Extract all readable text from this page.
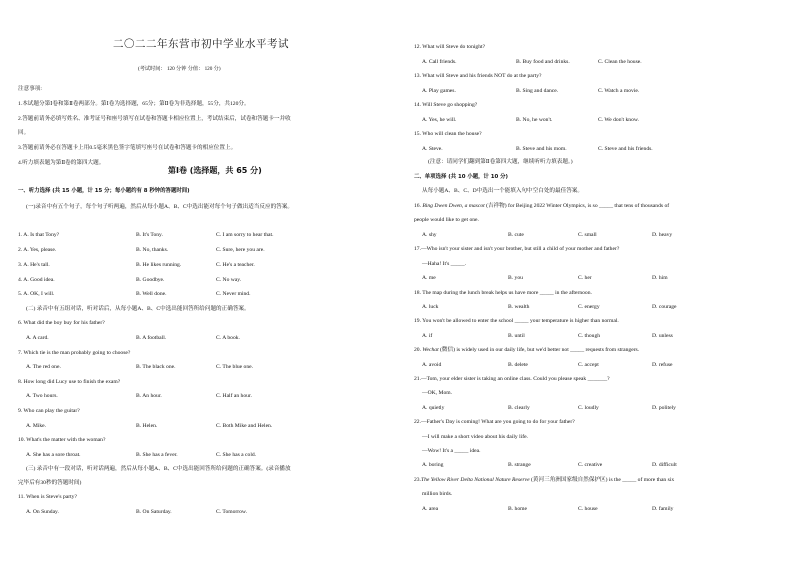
二〇二二年东营市初中学业水平考试
(考试时间： 120 分钟 分值： 120 分)
注意事项:
1.本试题分第Ⅰ卷和第Ⅱ卷两部分。第Ⅰ卷为选择题，65分；第Ⅱ卷为非选择题，55分，共120分。
2.答题前请务必填写姓名、准考证号和座号填写在试卷和答题卡相应位置上，考试结束后，试卷和答题卡一并收
回。
3.答题前请务必在答题卡上用0.5毫米黑色签字笔填写座号在试卷和答题卡的相应位置上。
4.听力填表题为第Ⅱ卷的第四大题。
第Ⅰ卷 (选择题，共 65 分)
一、听力选择 (共 15 小题，计 15 分；每小题约有 8 秒钟的答题时间)
(一)录音中有五个句子，每个句子听两遍，然后从每小题A、B、C中选出能对每个句子做出适当反应的答案。
1. A. Is that Tony?	B. It's Tony.	C. I am sorry to hear that.
2. A. Yes, please.	B. No, thanks.	C. Sure, here you are.
3. A. He's tall.	B. He likes running.	C. He's a teacher.
4. A. Good idea.	B. Goodbye.	C. No way.
5. A. OK, I will.	B. Well done.	C. Never mind.
(二) 录音中有五组对话，听对话后，从每小题A、B、C中选出能回答所给问题的正确答案。
6. What did the boy buy for his father?
A. A card.	B. A football.	C. A book.
7. Which tie is the man probably going to choose?
A. The red one.	B. The black one.	C. The blue one.
8. How long did Lucy use to finish the exam?
A. Two hours.	B. An hour.	C. Half an hour.
9. Who can play the guitar?
A. Mike.	B. Helen.	C. Both Mike and Helen.
10. What's the matter with the woman?
A. She has a sore throat.	B. She has a fever.	C. She has a cold.
(三) 录音中有一段对话，听对话两遍，然后从每小题A、B、C中选出能回答所给问题的正确答案。(录音播放
完毕后有30秒的答题时间)
11. When is Steve's party?
A. On Sunday.	B. On Saturday.	C. Tomorrow.
12. What will Steve do tonight?
A. Call friends.	B. Buy food and drinks.	C. Clean the house.
13. What will Steve and his friends NOT do at the party?
A. Play games.	B. Sing and dance.	C. Watch a movie.
14. Will Steve go shopping?
A. Yes, he will.	B. No, he won't.	C. We don't know.
15. Who will clean the house?
A. Steve.	B. Steve and his mom.	C. Steve and his friends.
(注意：请同学们翻到第Ⅱ卷第四大题，继续听听力填表题。)
二、单项选择 (共 10 小题，计 10 分)
从每小题A、B、C、D中选出一个能填入句中空白处的最佳答案。
16. Bing Dwen Dwen, a mascot (吉祥物) for Beijing 2022 Winter Olympics, is so _____ that tens of thousands of
people would like to get one.
A. shy	B. cute	C. small	D. heavy
17.—Who isn't your sister and isn't your brother, but still a child of your mother and father?
—Haha! It's _____.
A. me	B. you	C. her	D. him
18. The map during the lunch break helps us have more _____ in the afternoon.
A. luck	B. wealth	C. energy	D. courage
19. You won't be allowed to enter the school _____ your temperature is higher than normal.
A. if	B. until	C. though	D. unless
20. Wechat (微信) is widely used in our daily life, but we'd better not _____ requests from strangers.
A. avoid	B. delete	C. accept	D. refuse
21.—Tom, your elder sister is taking an online class. Could you please speak _______?
—OK, Mom.
A. quietly	B. clearly	C. loudly	D. politely
22.—Father's Day is coming! What are you going to do for your father?
—I will make a short video about his daily life.
—Wow! It's a _____ idea.
A. boring	B. strange	C. creative	D. difficult
23.The Yellow River Delta National Nature Reserve (黄河三角洲国家级自然保护区) is the _____ of more than six
million birds.
A. area	B. home	C. house	D. family
